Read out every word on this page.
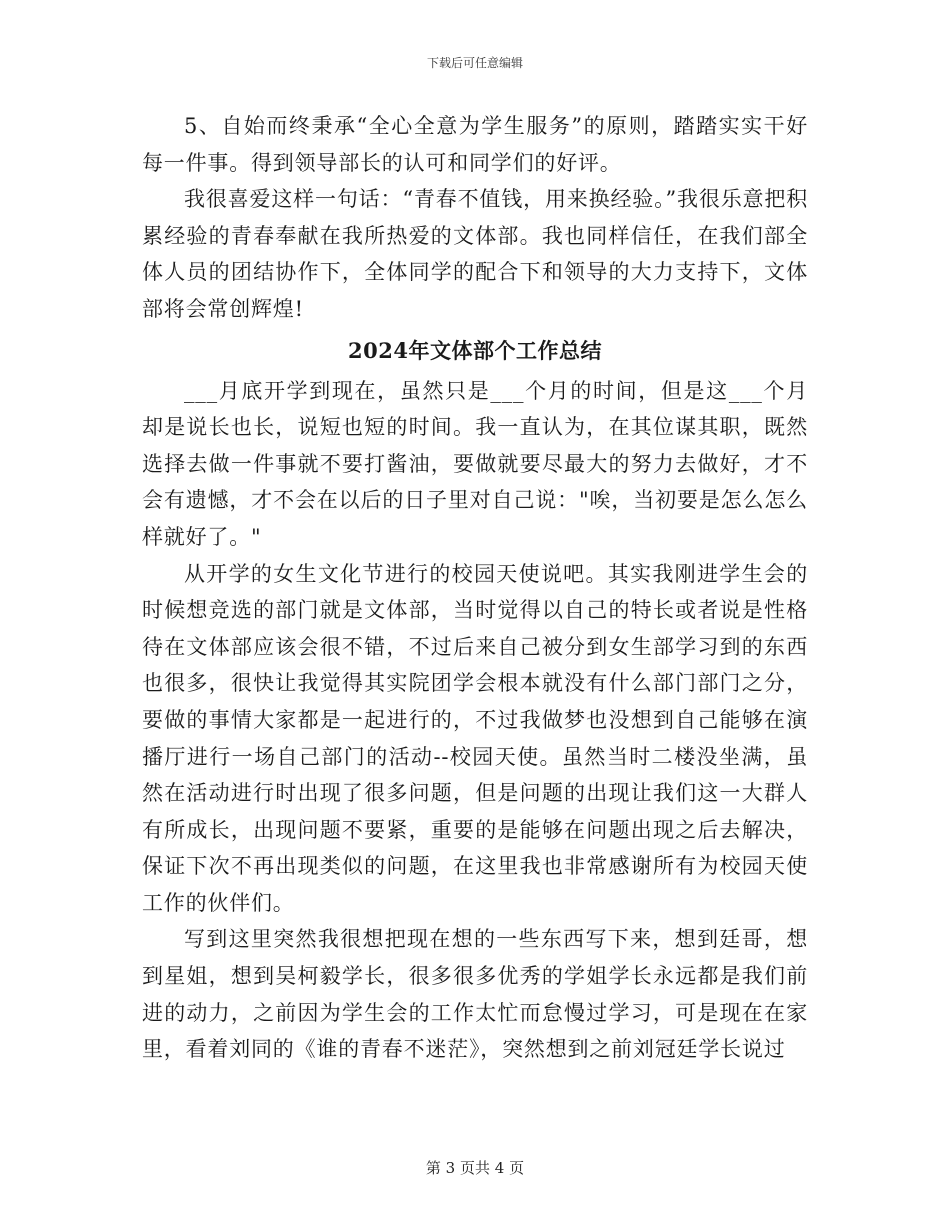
下载后可任意编辑

5、自始而终秉承“全心全意为学生服务”的原则，踏踏实实干好每一件事。得到领导部长的认可和同学们的好评。

我很喜爱这样一句话：“青春不值钱，用来换经验。”我很乐意把积累经验的青春奉献在我所热爱的文体部。我也同样信任，在我们部全体人员的团结协作下，全体同学的配合下和领导的大力支持下，文体部将会常创辉煌!

2024年文体部个工作总结

___月底开学到现在，虽然只是___个月的时间，但是这___个月却是说长也长，说短也短的时间。我一直认为，在其位谋其职，既然选择去做一件事就不要打酱油，要做就要尽最大的努力去做好，才不会有遗憾，才不会在以后的日子里对自己说："唉，当初要是怎么怎么样就好了。"

从开学的女生文化节进行的校园天使说吧。其实我刚进学生会的时候想竞选的部门就是文体部，当时觉得以自己的特长或者说是性格待在文体部应该会很不错，不过后来自己被分到女生部学习到的东西也很多，很快让我觉得其实院团学会根本就没有什么部门部门之分，要做的事情大家都是一起进行的，不过我做梦也没想到自己能够在演播厅进行一场自己部门的活动--校园天使。虽然当时二楼没坐满，虽然在活动进行时出现了很多问题，但是问题的出现让我们这一大群人有所成长，出现问题不要紧，重要的是能够在问题出现之后去解决，保证下次不再出现类似的问题，在这里我也非常感谢所有为校园天使工作的伙伴们。

写到这里突然我很想把现在想的一些东西写下来，想到廷哥，想到星姐，想到吴柯毅学长，很多很多优秀的学姐学长永远都是我们前进的动力，之前因为学生会的工作太忙而怠慢过学习，可是现在在家里，看着刘同的《谁的青春不迷茫》，突然想到之前刘冠廷学长说过

第 3 页共 4 页
